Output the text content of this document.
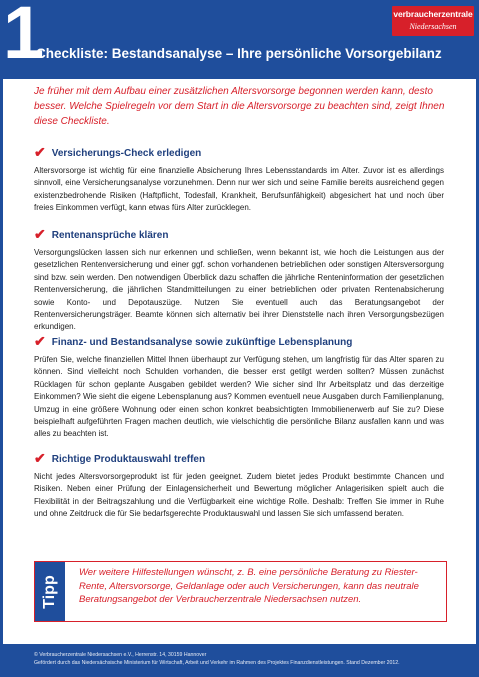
1
Checkliste: Bestandsanalyse – Ihre persönliche Vorsorgebilanz
verbraucherzentrale
Niedersachsen
Je früher mit dem Aufbau einer zusätzlichen Altersvorsorge begonnen werden kann, desto besser. Welche Spielregeln vor dem Start in die Altersvorsorge zu beachten sind, zeigt Ihnen diese Checkliste.
✔ Versicherungs-Check erledigen
Altersvorsorge ist wichtig für eine finanzielle Absicherung Ihres Lebensstandards im Alter. Zuvor ist es allerdings sinnvoll, eine Versicherungsanalyse vorzunehmen. Denn nur wer sich und seine Familie bereits ausreichend gegen existenzbedrohende Risiken (Haftpflicht, Todesfall, Krankheit, Berufsunfähigkeit) abgesichert hat und noch über freies Einkommen verfügt, kann etwas fürs Alter zurücklegen.
✔ Rentenansprüche klären
Versorgungslücken lassen sich nur erkennen und schließen, wenn bekannt ist, wie hoch die Leistungen aus der gesetzlichen Rentenversicherung und einer ggf. schon vorhandenen betrieblichen oder sonstigen Altersversorgung sind bzw. sein werden. Den notwendigen Überblick dazu schaffen die jährliche Renteninformation der gesetzlichen Rentenversicherung, die jährlichen Standmitteilungen zu einer betrieblichen oder privaten Rentenabsicherung sowie Konto- und Depotauszüge. Nutzen Sie eventuell auch das Beratungsangebot der Rentenversicherungsträger. Beamte können sich alternativ bei ihrer Dienststelle nach ihren Versorgungsbezügen erkundigen.
✔ Finanz- und Bestandsanalyse sowie zukünftige Lebensplanung
Prüfen Sie, welche finanziellen Mittel Ihnen überhaupt zur Verfügung stehen, um langfristig für das Alter sparen zu können. Sind vielleicht noch Schulden vorhanden, die besser erst getilgt werden sollten? Müssen zunächst Rücklagen für schon geplante Ausgaben gebildet werden? Wie sicher sind Ihr Arbeitsplatz und das derzeitige Einkommen? Wie sieht die eigene Lebensplanung aus? Kommen eventuell neue Ausgaben durch Familienplanung, Umzug in eine größere Wohnung oder einen schon konkret beabsichtigten Immobilienerwerb auf Sie zu? Diese beispielhaft aufgeführten Fragen machen deutlich, wie vielschichtig die persönliche Bilanz ausfallen kann und was alles zu beachten ist.
✔ Richtige Produktauswahl treffen
Nicht jedes Altersvorsorgeprodukt ist für jeden geeignet. Zudem bietet jedes Produkt bestimmte Chancen und Risiken. Neben einer Prüfung der Einlagensicherheit und Bewertung möglicher Anlagerisiken spielt auch die Flexibilität in der Beitragszahlung und die Verfügbarkeit eine wichtige Rolle. Deshalb: Treffen Sie immer in Ruhe und ohne Zeitdruck die für Sie bedarfsgerechte Produktauswahl und lassen Sie sich umfassend beraten.
Tipp
Wer weitere Hilfestellungen wünscht, z. B. eine persönliche Beratung zu Riester-Rente, Altersvorsorge, Geldanlage oder auch Versicherungen, kann das neutrale Beratungsangebot der Verbraucherzentrale Niedersachsen nutzen.
© Verbraucherzentrale Niedersachsen e.V., Herrenstr. 14, 30159 Hannover
Gefördert durch das Niedersächsische Ministerium für Wirtschaft, Arbeit und Verkehr im Rahmen des Projektes Finanzdienstleistungen. Stand Dezember 2012.
